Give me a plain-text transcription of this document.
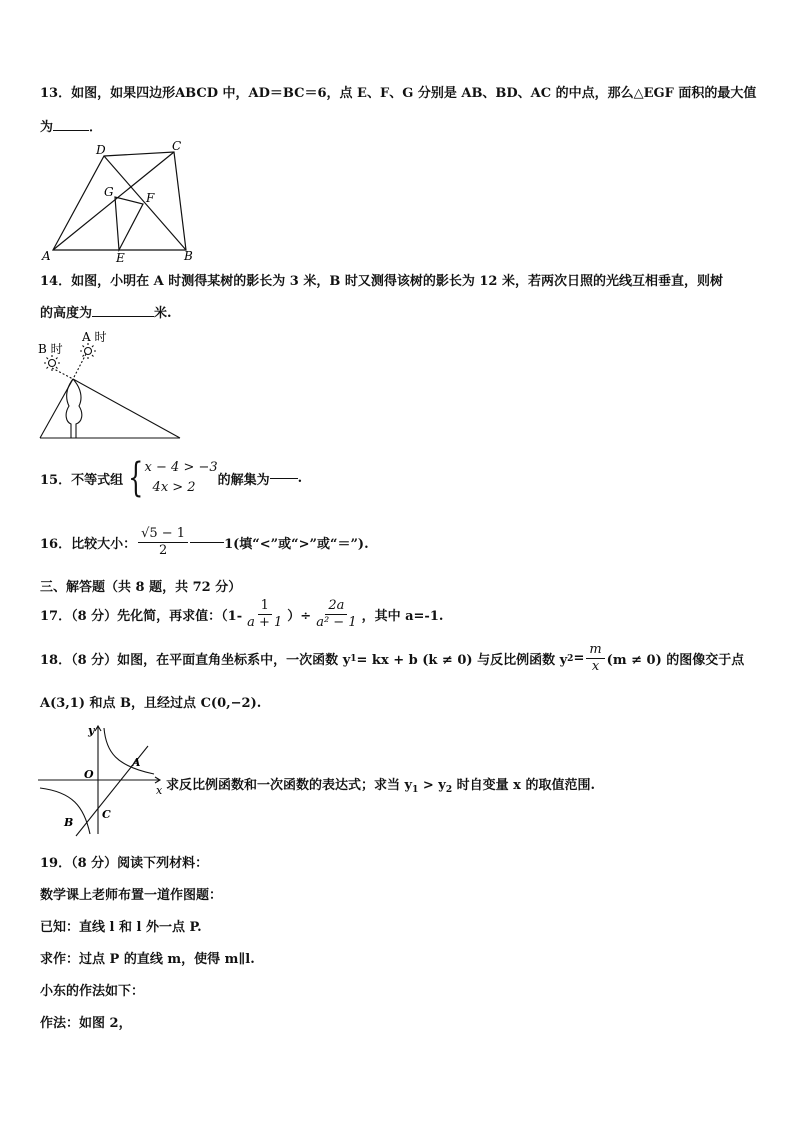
13．如图，如果四边形ABCD 中，AD＝BC＝6，点 E、F、G 分别是 AB、BD、AC 的中点，那么△EGF 面积的最大值
为	．
A	B
C
D
E
F
G
14．如图，小明在 A 时测得某树的影长为 3 米，B 时又测得该树的影长为 12 米，若两次日照的光线互相垂直，则树
的高度为	米.
B 时
A 时
15．不等式组 { x − 4 > −3
4x > 2	的解集为 .
16．比较大小： $\frac{√5 - 1}{2}$	1(填“<”或“>”或“＝”).
三、解答题（共 8 题，共 72 分）
17．（8 分）先化简，再求值：（$1- \frac{1}{a + 1}$ ）÷ $\frac{2a}{\text{a² − 1}}$ ，其中 a=-1.
18．（8 分）如图，在平面直角坐标系中，一次函数 y 1 = kx + b (k ≠ 0) 与反比例函数 y $2 = \frac{m}{x} (m \ne 0)$ 的图像交于点
A(3,1) 和点 B，且经过点 C(0,−2).
y
x
O
A
B
C
求反比例函数和一次函数的表达式；求当 $y_1 > y_2$ 时自变量 x 的取值范围.
19．（8 分）阅读下列材料：
数学课上老师布置一道作图题：
已知：直线 l 和 l 外一点 P.
求作：过点 P 的直线 m，使得 m∥l.
小东的作法如下：
作法：如图 2，
